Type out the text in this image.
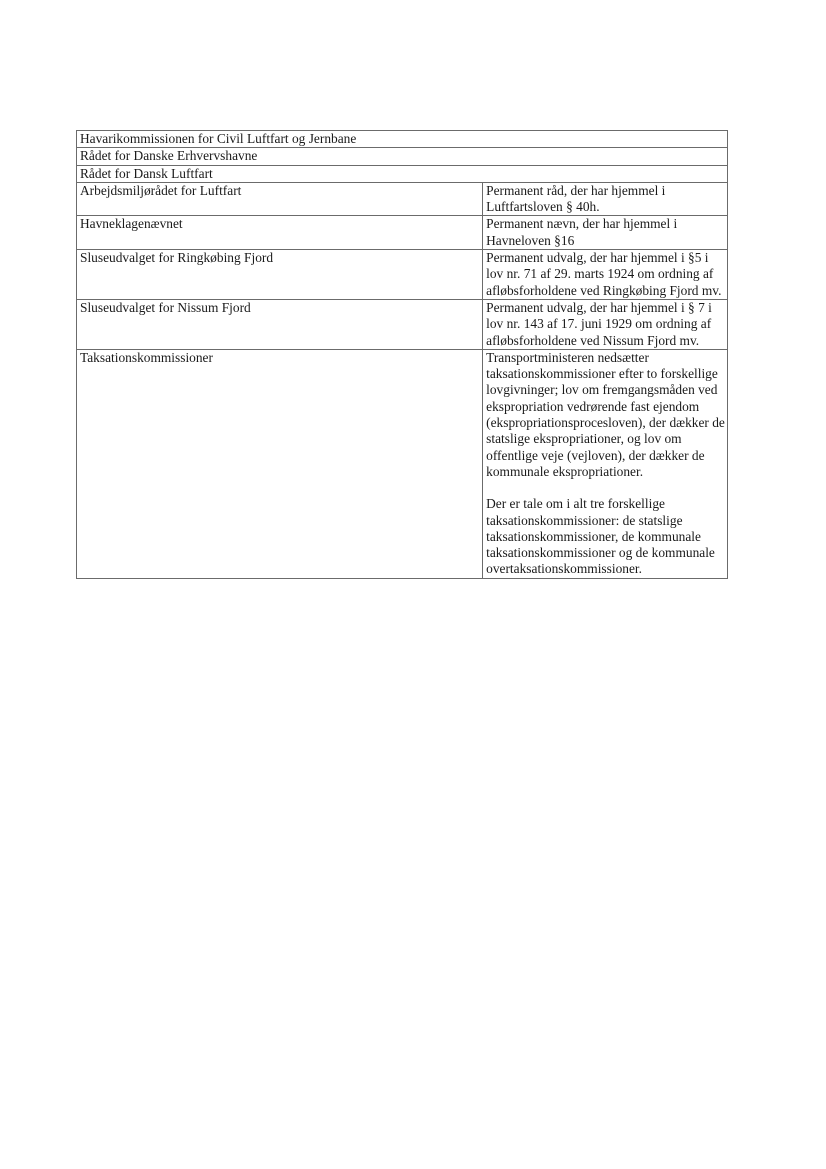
Havarikommissionen for Civil Luftfart og Jernbane	
Rådet for Danske Erhvervshavne	
Rådet for Dansk Luftfart	
Arbejdsmiljørådet for Luftfart	Permanent råd, der har hjemmel i Luftfartsloven § 40h.
Havneklagenævnet	Permanent nævn, der har hjemmel i Havneloven §16
Sluseudvalget for Ringkøbing Fjord	Permanent udvalg, der har hjemmel i §5 i lov nr. 71 af 29. marts 1924 om ordning af afløbsforholdene ved Ringkøbing Fjord mv.
Sluseudvalget for Nissum Fjord	Permanent udvalg, der har hjemmel i § 7 i lov nr. 143 af 17. juni 1929 om ordning af afløbsforholdene ved Nissum Fjord mv.
Taksationskommissioner	Transportministeren nedsætter taksationskommissioner efter to forskellige lovgivninger; lov om fremgangsmåden ved ekspropriation vedrørende fast ejendom (ekspropriationsprocesloven), der dækker de statslige ekspropriationer, og lov om offentlige veje (vejloven), der dækker de kommunale ekspropriationer.
Der er tale om i alt tre forskellige taksationskommissioner: de statslige taksationskommissioner, de kommunale taksationskommissioner og de kommunale overtaksationskommissioner.
